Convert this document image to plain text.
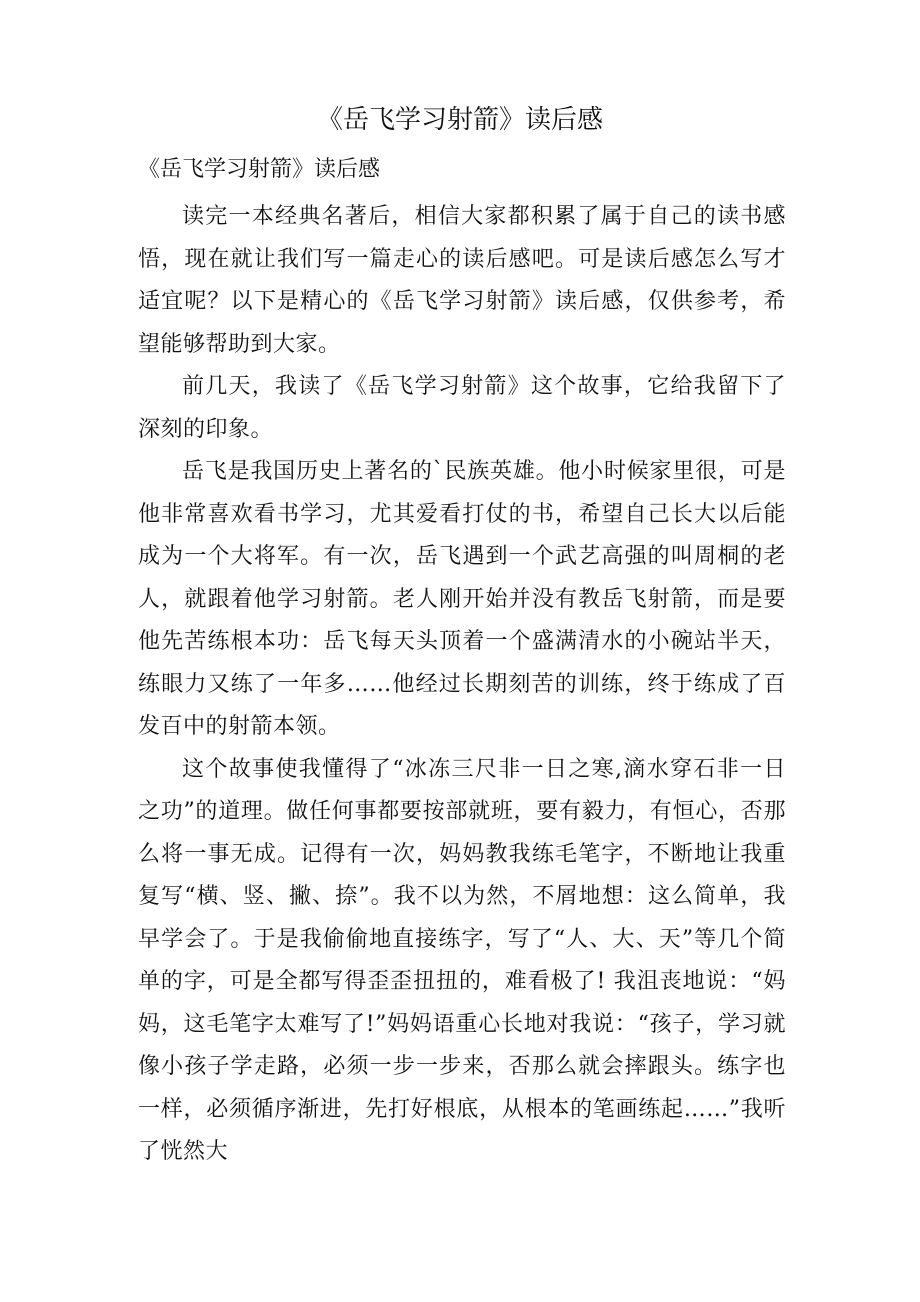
《岳飞学习射箭》读后感
《岳飞学习射箭》读后感

读完一本经典名著后，相信大家都积累了属于自己的读书感悟，现在就让我们写一篇走心的读后感吧。可是读后感怎么写才适宜呢？以下是精心的《岳飞学习射箭》读后感，仅供参考，希望能够帮助到大家。

前几天，我读了《岳飞学习射箭》这个故事，它给我留下了深刻的印象。

岳飞是我国历史上著名的`民族英雄。他小时候家里很，可是他非常喜欢看书学习，尤其爱看打仗的书，希望自己长大以后能成为一个大将军。有一次，岳飞遇到一个武艺高强的叫周桐的老人，就跟着他学习射箭。老人刚开始并没有教岳飞射箭，而是要他先苦练根本功：岳飞每天头顶着一个盛满清水的小碗站半天，练眼力又练了一年多……他经过长期刻苦的训练，终于练成了百发百中的射箭本领。

这个故事使我懂得了“冰冻三尺非一日之寒,滴水穿石非一日之功”的道理。做任何事都要按部就班，要有毅力，有恒心，否那么将一事无成。记得有一次，妈妈教我练毛笔字，不断地让我重复写“横、竖、撇、捺”。我不以为然，不屑地想：这么简单，我早学会了。于是我偷偷地直接练字，写了“人、大、天”等几个简单的字，可是全都写得歪歪扭扭的，难看极了! 我沮丧地说：“妈妈，这毛笔字太难写了!”妈妈语重心长地对我说：“孩子，学习就像小孩子学走路，必须一步一步来，否那么就会摔跟头。练字也一样，必须循序渐进，先打好根底，从根本的笔画练起……”我听了恍然大
